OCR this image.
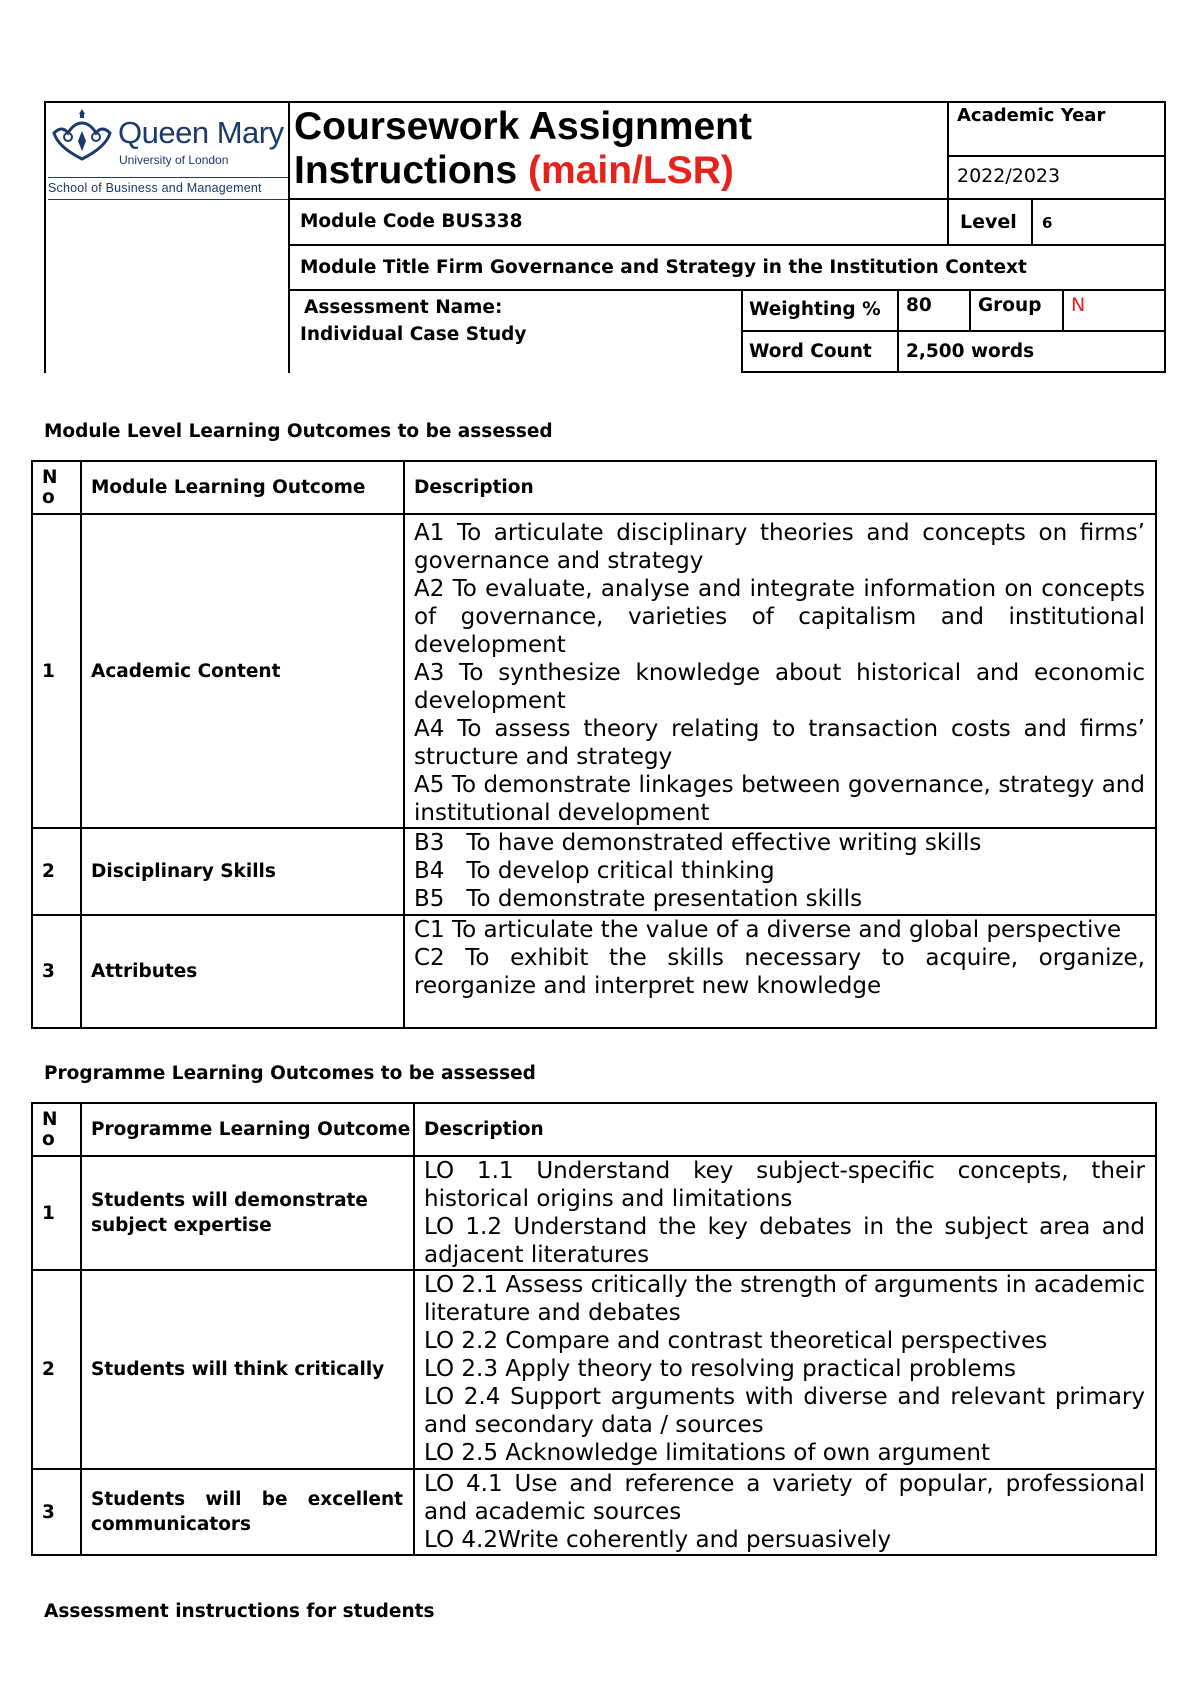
Queen Mary
University of London
School of Business and Management
Coursework Assignment
Instructions (main/LSR)
Academic Year
2022/2023
Module Code BUS338	Level 6
Module Title Firm Governance and Strategy in the Institution Context
Assessment Name:
Individual Case Study
Weighting % 80	Group N
Word Count 2,500 words
Module Level Learning Outcomes to be assessed
N o	Module Learning Outcome	Description
1	Academic Content	A1 To articulate disciplinary theories and concepts on firms’ governance and strategy
A2 To evaluate, analyse and integrate information on concepts of governance, varieties of capitalism and institutional development
A3 To synthesize knowledge about historical and economic development
A4 To assess theory relating to transaction costs and firms’ structure and strategy
A5 To demonstrate linkages between governance, strategy and institutional development

2	Disciplinary Skills	B3   To have demonstrated effective writing skills
B4   To develop critical thinking
B5   To demonstrate presentation skills

3	Attributes	C1 To articulate the value of a diverse and global perspective
C2 To exhibit the skills necessary to acquire, organize, reorganize and interpret new knowledge
Programme Learning Outcomes to be assessed
N o	Programme Learning Outcome	Description
1	Students will demonstrate subject expertise	LO 1.1 Understand key subject-specific concepts, their historical origins and limitations
LO 1.2 Understand the key debates in the subject area and adjacent literatures

2	Students will think critically	LO 2.1 Assess critically the strength of arguments in academic literature and debates
LO 2.2 Compare and contrast theoretical perspectives
LO 2.3 Apply theory to resolving practical problems
LO 2.4 Support arguments with diverse and relevant primary and secondary data / sources
LO 2.5 Acknowledge limitations of own argument

3	Students will be excellent communicators	LO 4.1 Use and reference a variety of popular, professional and academic sources
LO 4.2Write coherently and persuasively
Assessment instructions for students
